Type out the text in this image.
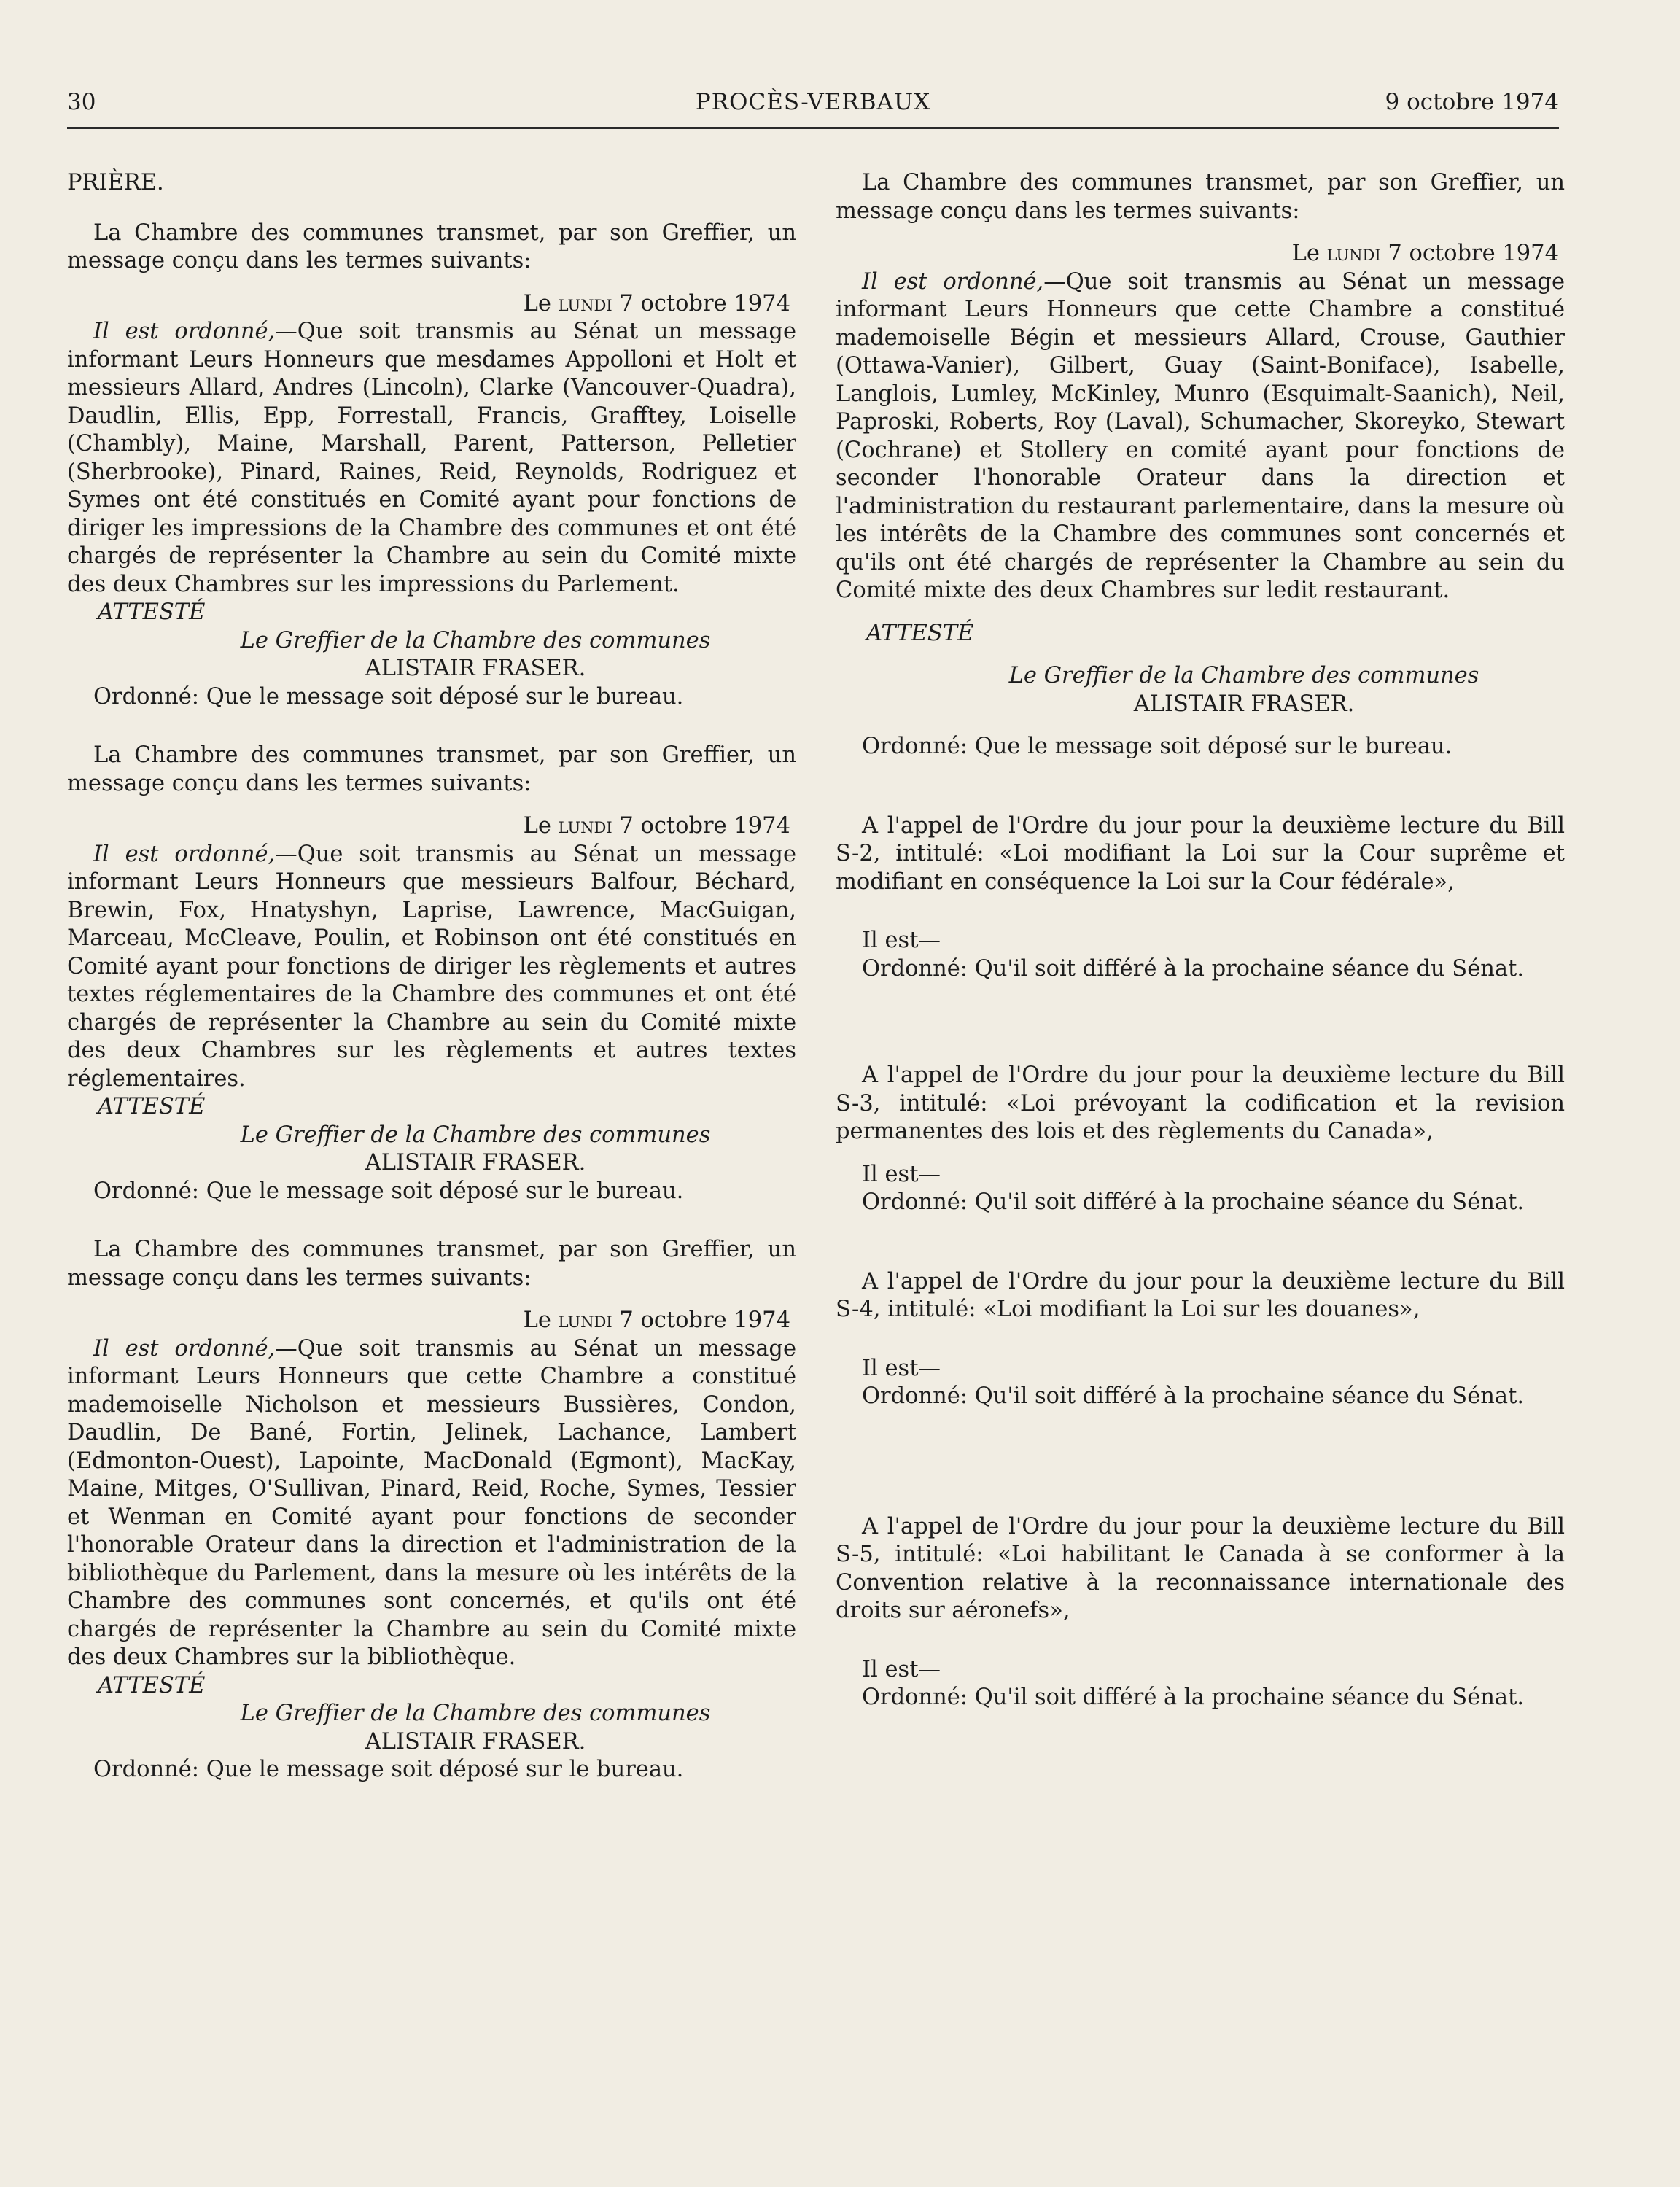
30	PROCÈS-VERBAUX	9 octobre 1974

PRIÈRE.

La Chambre des communes transmet, par son Greffier, un message conçu dans les termes suivants:

Le lundi 7 octobre 1974

Il est ordonné,—Que soit transmis au Sénat un message informant Leurs Honneurs que mesdames Appolloni et Holt et messieurs Allard, Andres (Lincoln), Clarke (Vancouver-Quadra), Daudlin, Ellis, Epp, Forrestall, Francis, Grafftey, Loiselle (Chambly), Maine, Marshall, Parent, Patterson, Pelletier (Sherbrooke), Pinard, Raines, Reid, Reynolds, Rodriguez et Symes ont été constitués en Comité ayant pour fonctions de diriger les impressions de la Chambre des communes et ont été chargés de représenter la Chambre au sein du Comité mixte des deux Chambres sur les impressions du Parlement.

ATTESTÉ

Le Greffier de la Chambre des communes

ALISTAIR FRASER.

Ordonné: Que le message soit déposé sur le bureau.

La Chambre des communes transmet, par son Greffier, un message conçu dans les termes suivants:

Le lundi 7 octobre 1974

Il est ordonné,—Que soit transmis au Sénat un message informant Leurs Honneurs que messieurs Balfour, Béchard, Brewin, Fox, Hnatyshyn, Laprise, Lawrence, MacGuigan, Marceau, McCleave, Poulin, et Robinson ont été constitués en Comité ayant pour fonctions de diriger les règlements et autres textes réglementaires de la Chambre des communes et ont été chargés de représenter la Chambre au sein du Comité mixte des deux Chambres sur les règlements et autres textes réglementaires.

ATTESTÉ

Le Greffier de la Chambre des communes

ALISTAIR FRASER.

Ordonné: Que le message soit déposé sur le bureau.

La Chambre des communes transmet, par son Greffier, un message conçu dans les termes suivants:

Le lundi 7 octobre 1974

Il est ordonné,—Que soit transmis au Sénat un message informant Leurs Honneurs que cette Chambre a constitué mademoiselle Nicholson et messieurs Bussières, Condon, Daudlin, De Bané, Fortin, Jelinek, Lachance, Lambert (Edmonton-Ouest), Lapointe, MacDonald (Egmont), MacKay, Maine, Mitges, O'Sullivan, Pinard, Reid, Roche, Symes, Tessier et Wenman en Comité ayant pour fonctions de seconder l'honorable Orateur dans la direction et l'administration de la bibliothèque du Parlement, dans la mesure où les intérêts de la Chambre des communes sont concernés, et qu'ils ont été chargés de représenter la Chambre au sein du Comité mixte des deux Chambres sur la bibliothèque.

ATTESTÉ

Le Greffier de la Chambre des communes

ALISTAIR FRASER.

Ordonné: Que le message soit déposé sur le bureau.

La Chambre des communes transmet, par son Greffier, un message conçu dans les termes suivants:

Le lundi 7 octobre 1974

Il est ordonné,—Que soit transmis au Sénat un message informant Leurs Honneurs que cette Chambre a constitué mademoiselle Bégin et messieurs Allard, Crouse, Gauthier (Ottawa-Vanier), Gilbert, Guay (Saint-Boniface), Isabelle, Langlois, Lumley, McKinley, Munro (Esquimalt-Saanich), Neil, Paproski, Roberts, Roy (Laval), Schumacher, Skoreyko, Stewart (Cochrane) et Stollery en comité ayant pour fonctions de seconder l'honorable Orateur dans la direction et l'administration du restaurant parlementaire, dans la mesure où les intérêts de la Chambre des communes sont concernés et qu'ils ont été chargés de représenter la Chambre au sein du Comité mixte des deux Chambres sur ledit restaurant.

ATTESTÉ

Le Greffier de la Chambre des communes

ALISTAIR FRASER.

Ordonné: Que le message soit déposé sur le bureau.

A l'appel de l'Ordre du jour pour la deuxième lecture du Bill S-2, intitulé: «Loi modifiant la Loi sur la Cour suprême et modifiant en conséquence la Loi sur la Cour fédérale»,

Il est—

Ordonné: Qu'il soit différé à la prochaine séance du Sénat.

A l'appel de l'Ordre du jour pour la deuxième lecture du Bill S-3, intitulé: «Loi prévoyant la codification et la revision permanentes des lois et des règlements du Canada»,

Il est—

Ordonné: Qu'il soit différé à la prochaine séance du Sénat.

A l'appel de l'Ordre du jour pour la deuxième lecture du Bill S-4, intitulé: «Loi modifiant la Loi sur les douanes»,

Il est—

Ordonné: Qu'il soit différé à la prochaine séance du Sénat.

A l'appel de l'Ordre du jour pour la deuxième lecture du Bill S-5, intitulé: «Loi habilitant le Canada à se conformer à la Convention relative à la reconnaissance internationale des droits sur aéronefs»,

Il est—

Ordonné: Qu'il soit différé à la prochaine séance du Sénat.
